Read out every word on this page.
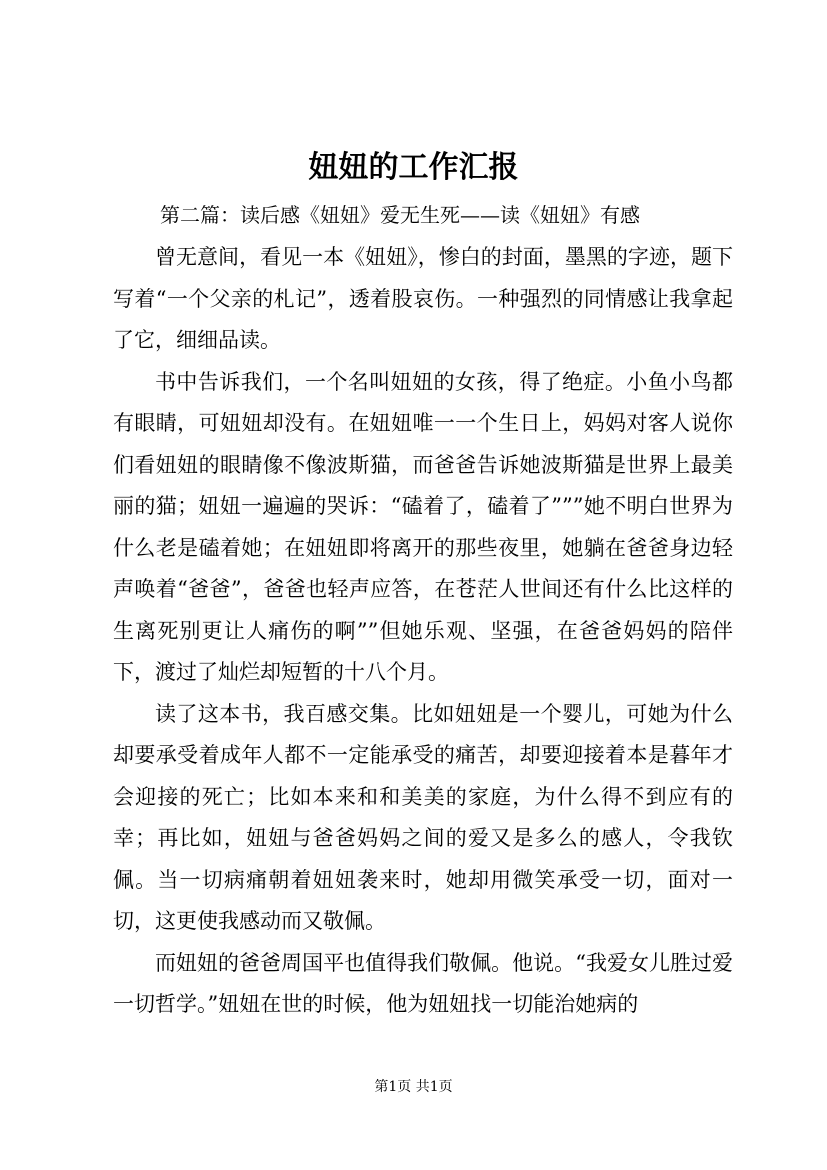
妞妞的工作汇报
第二篇：读后感《妞妞》爱无生死——读《妞妞》有感

曾无意间，看见一本《妞妞》，惨白的封面，墨黑的字迹，题下写着“一个父亲的札记”，透着股哀伤。一种强烈的同情感让我拿起了它，细细品读。

书中告诉我们，一个名叫妞妞的女孩，得了绝症。小鱼小鸟都有眼睛，可妞妞却没有。在妞妞唯一一个生日上，妈妈对客人说你们看妞妞的眼睛像不像波斯猫，而爸爸告诉她波斯猫是世界上最美丽的猫；妞妞一遍遍的哭诉：“磕着了，磕着了”””她不明白世界为什么老是磕着她；在妞妞即将离开的那些夜里，她躺在爸爸身边轻声唤着“爸爸”，爸爸也轻声应答，在苍茫人世间还有什么比这样的生离死别更让人痛伤的啊””但她乐观、坚强，在爸爸妈妈的陪伴下，渡过了灿烂却短暂的十八个月。

读了这本书，我百感交集。比如妞妞是一个婴儿，可她为什么却要承受着成年人都不一定能承受的痛苦，却要迎接着本是暮年才会迎接的死亡；比如本来和和美美的家庭，为什么得不到应有的幸；再比如，妞妞与爸爸妈妈之间的爱又是多么的感人，令我钦佩。当一切病痛朝着妞妞袭来时，她却用微笑承受一切，面对一切，这更使我感动而又敬佩。

而妞妞的爸爸周国平也值得我们敬佩。他说。“我爱女儿胜过爱一切哲学。”妞妞在世的时候，他为妞妞找一切能治她病的

第1页 共1页
